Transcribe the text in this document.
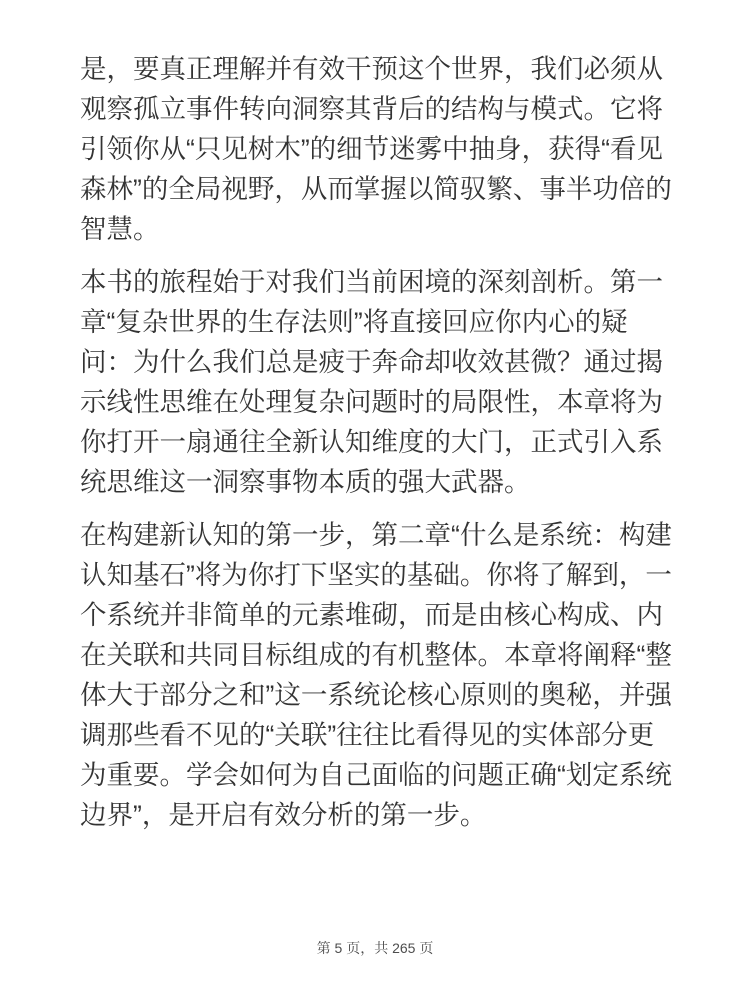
是，要真正理解并有效干预这个世界，我们必须从观察孤立事件转向洞察其背后的结构与模式。它将引领你从“只见树木”的细节迷雾中抽身，获得“看见森林”的全局视野，从而掌握以简驭繁、事半功倍的智慧。

本书的旅程始于对我们当前困境的深刻剖析。第一章“复杂世界的生存法则”将直接回应你内心的疑问：为什么我们总是疲于奔命却收效甚微？通过揭示线性思维在处理复杂问题时的局限性，本章将为你打开一扇通往全新认知维度的大门，正式引入系统思维这一洞察事物本质的强大武器。

在构建新认知的第一步，第二章“什么是系统：构建认知基石”将为你打下坚实的基础。你将了解到，一个系统并非简单的元素堆砌，而是由核心构成、内在关联和共同目标组成的有机整体。本章将阐释“整体大于部分之和”这一系统论核心原则的奥秘，并强调那些看不见的“关联”往往比看得见的实体部分更为重要。学会如何为自己面临的问题正确“划定系统边界”，是开启有效分析的第一步。

第 5 页，共 265 页
